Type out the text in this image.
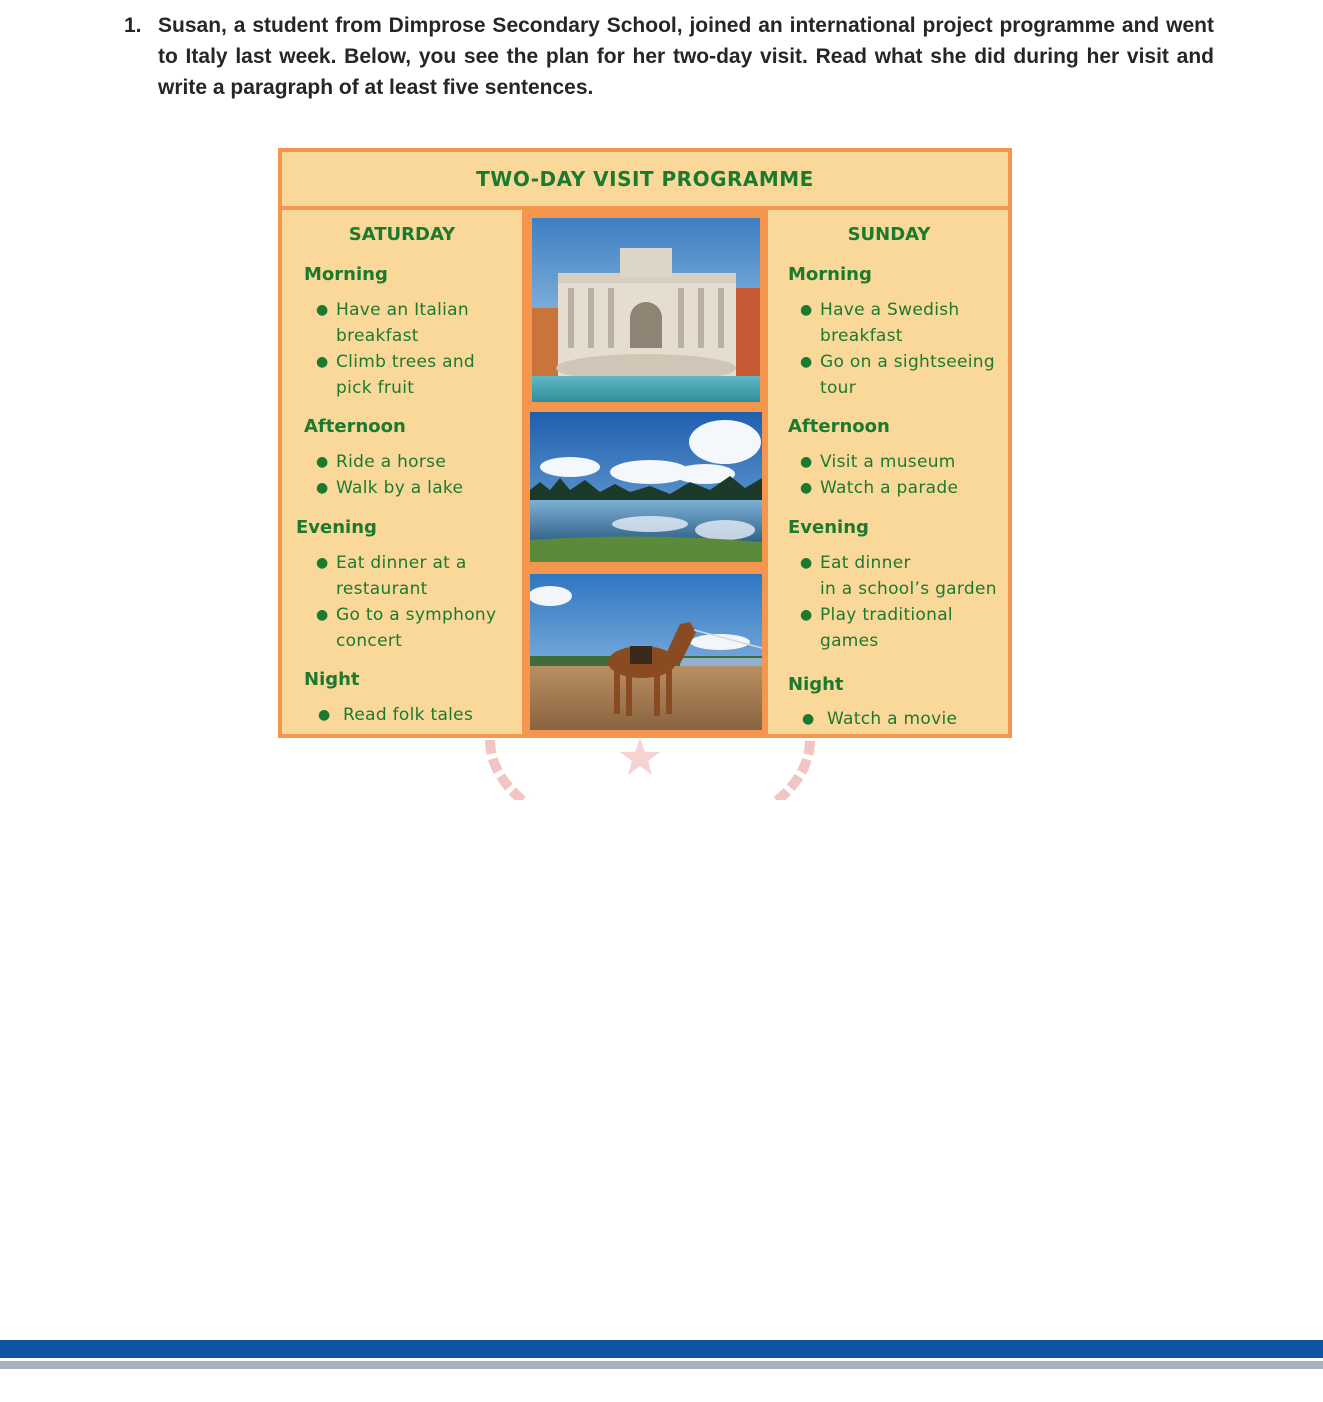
1. Susan, a student from Dimprose Secondary School, joined an international project programme and went to Italy last week. Below, you see the plan for her two-day visit. Read what she did during her visit and write a paragraph of at least five sentences.
TWO-DAY VISIT PROGRAMME
SATURDAY
Morning
● Have an Italian
breakfast
● Climb trees and
pick fruit
Afternoon
● Ride a horse
● Walk by a lake
Evening
● Eat dinner at a
restaurant
● Go to a symphony
concert
Night
● Read folk tales
SUNDAY
Morning
● Have a Swedish
breakfast
● Go on a sightseeing
tour
Afternoon
● Visit a museum
● Watch a parade
Evening
● Eat dinner
in a school’s garden
● Play traditional
games
Night
● Watch a movie
